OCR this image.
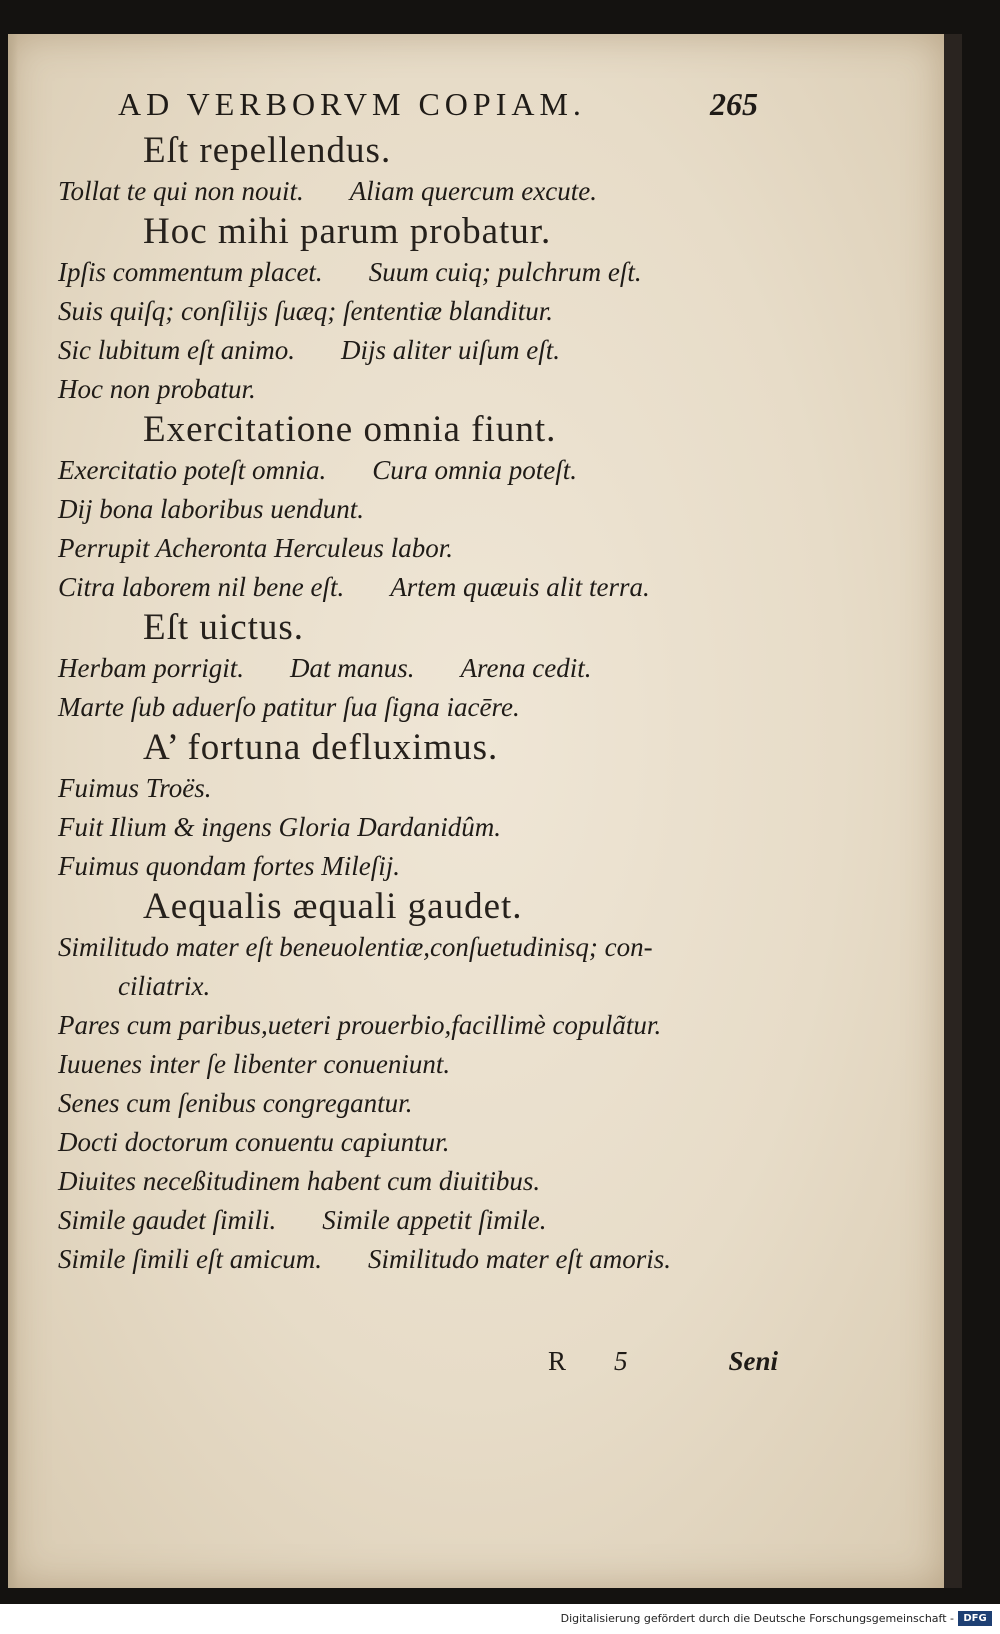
AD VERBORVM COPIAM.	265
Eſt repellendus.
Tollat te qui non nouit. Aliam quercum excute.
Hoc mihi parum probatur.
Ipſis commentum placet. Suum cuiq; pulchrum eſt.
Suis quiſq; conſilijs ſuæq; ſententiæ blanditur.
Sic lubitum eſt animo. Dijs aliter uiſum eſt.
Hoc non probatur.
Exercitatione omnia fiunt.
Exercitatio poteſt omnia. Cura omnia poteſt.
Dij bona laboribus uendunt.
Perrupit Acheronta Herculeus labor.
Citra laborem nil bene eſt. Artem quæuis alit terra.
Eſt uictus.
Herbam porrigit. Dat manus. Arena cedit.
Marte ſub aduerſo patitur ſua ſigna iacēre.
A’ fortuna defluximus.
Fuimus Troës.
Fuit Ilium & ingens Gloria Dardanidûm.
Fuimus quondam fortes Mileſij.
Aequalis æquali gaudet.
Similitudo mater eſt beneuolentiæ,conſuetudinisq; con-
ciliatrix.
Pares cum paribus,ueteri prouerbio,facillimè copulãtur.
Iuuenes inter ſe libenter conueniunt.
Senes cum ſenibus congregantur.
Docti doctorum conuentu capiuntur.
Diuites neceßitudinem habent cum diuitibus.
Simile gaudet ſimili. Simile appetit ſimile.
Simile ſimili eſt amicum. Similitudo mater eſt amoris.
R 5	Seni
Digitalisierung gefördert durch die Deutsche Forschungsgemeinschaft - DFG
